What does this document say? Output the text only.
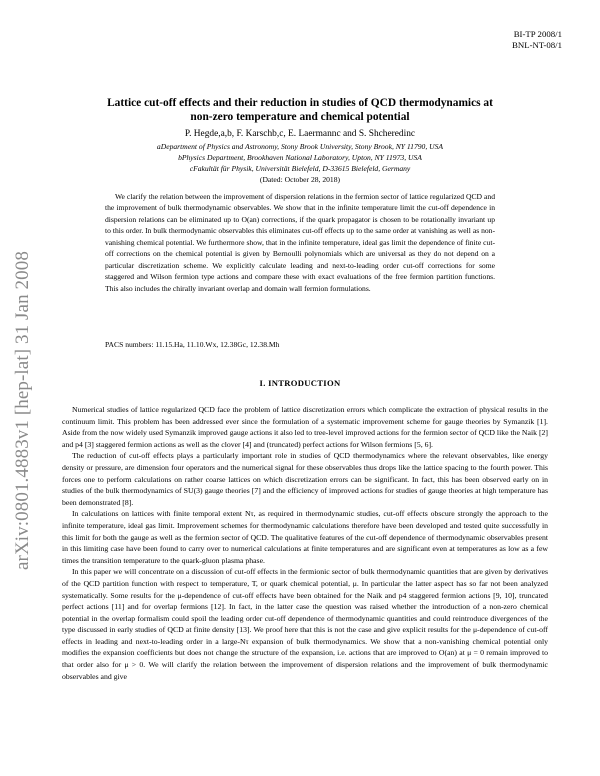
BI-TP 2008/1
BNL-NT-08/1
arXiv:0801.4883v1 [hep-lat] 31 Jan 2008
Lattice cut-off effects and their reduction in studies of QCD thermodynamics at
non-zero temperature and chemical potential
P. Hegde,a,b, F. Karschb,c, E. Laermannc and S. Shcheredinc
aDepartment of Physics and Astronomy, Stony Brook University, Stony Brook, NY 11790, USA
bPhysics Department, Brookhaven National Laboratory, Upton, NY 11973, USA
cFakultät für Physik, Universität Bielefeld, D-33615 Bielefeld, Germany
(Dated: October 28, 2018)

We clarify the relation between the improvement of dispersion relations in the fermion sector of lattice regularized QCD and the improvement of bulk thermodynamic observables. We show that in the infinite temperature limit the cut-off dependence in dispersion relations can be eliminated up to O(an) corrections, if the quark propagator is chosen to be rotationally invariant up to this order. In bulk thermodynamic observables this eliminates cut-off effects up to the same order at vanishing as well as non-vanishing chemical potential. We furthermore show, that in the infinite temperature, ideal gas limit the dependence of finite cut-off corrections on the chemical potential is given by Bernoulli polynomials which are universal as they do not depend on a particular discretization scheme. We explicitly calculate leading and next-to-leading order cut-off corrections for some staggered and Wilson fermion type actions and compare these with exact evaluations of the free fermion partition functions. This also includes the chirally invariant overlap and domain wall fermion formulations.

PACS numbers: 11.15.Ha, 11.10.Wx, 12.38Gc, 12.38.Mh
I. INTRODUCTION

Numerical studies of lattice regularized QCD face the problem of lattice discretization errors which complicate the extraction of physical results in the continuum limit. This problem has been addressed ever since the formulation of a systematic improvement scheme for gauge theories by Symanzik [1]. Aside from the now widely used Symanzik improved gauge actions it also led to tree-level improved actions for the fermion sector of QCD like the Naik [2] and p4 [3] staggered fermion actions as well as the clover [4] and (truncated) perfect actions for Wilson fermions [5, 6].

The reduction of cut-off effects plays a particularly important role in studies of QCD thermodynamics where the relevant observables, like energy density or pressure, are dimension four operators and the numerical signal for these observables thus drops like the lattice spacing to the fourth power. This forces one to perform calculations on rather coarse lattices on which discretization errors can be significant. In fact, this has been observed early on in studies of the bulk thermodynamics of SU(3) gauge theories [7] and the efficiency of improved actions for studies of gauge theories at high temperature has been demonstrated [8].

In calculations on lattices with finite temporal extent Nτ, as required in thermodynamic studies, cut-off effects obscure strongly the approach to the infinite temperature, ideal gas limit. Improvement schemes for thermodynamic calculations therefore have been developed and tested quite successfully in this limit for both the gauge as well as the fermion sector of QCD. The qualitative features of the cut-off dependence of thermodynamic observables present in this limiting case have been found to carry over to numerical calculations at finite temperatures and are significant even at temperatures as low as a few times the transition temperature to the quark-gluon plasma phase.

In this paper we will concentrate on a discussion of cut-off effects in the fermionic sector of bulk thermodynamic quantities that are given by derivatives of the QCD partition function with respect to temperature, T, or quark chemical potential, μ. In particular the latter aspect has so far not been analyzed systematically. Some results for the μ-dependence of cut-off effects have been obtained for the Naik and p4 staggered fermion actions [9, 10], truncated perfect actions [11] and for overlap fermions [12]. In fact, in the latter case the question was raised whether the introduction of a non-zero chemical potential in the overlap formalism could spoil the leading order cut-off dependence of thermodynamic quantities and could reintroduce divergences of the type discussed in early studies of QCD at finite density [13]. We proof here that this is not the case and give explicit results for the μ-dependence of cut-off effects in leading and next-to-leading order in a large-Nτ expansion of bulk thermodynamics. We show that a non-vanishing chemical potential only modifies the expansion coefficients but does not change the structure of the expansion, i.e. actions that are improved to O(an) at μ = 0 remain improved to that order also for μ > 0. We will clarify the relation between the improvement of dispersion relations and the improvement of bulk thermodynamic observables and give
